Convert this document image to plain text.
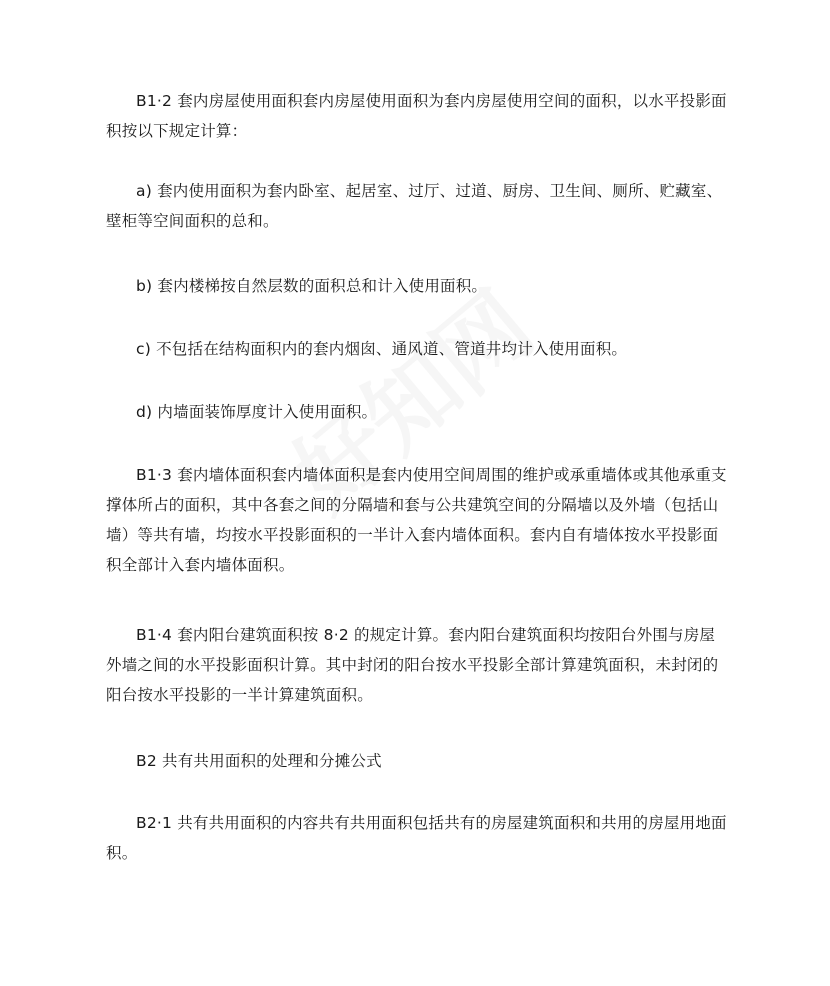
B1·2 套内房屋使用面积套内房屋使用面积为套内房屋使用空间的面积，以水平投影面积按以下规定计算：

a) 套内使用面积为套内卧室、起居室、过厅、过道、厨房、卫生间、厕所、贮藏室、壁柜等空间面积的总和。

b) 套内楼梯按自然层数的面积总和计入使用面积。

c) 不包括在结构面积内的套内烟囱、通风道、管道井均计入使用面积。

d) 内墙面装饰厚度计入使用面积。

B1·3 套内墙体面积套内墙体面积是套内使用空间周围的维护或承重墙体或其他承重支撑体所占的面积，其中各套之间的分隔墙和套与公共建筑空间的分隔墙以及外墙（包括山墙）等共有墙，均按水平投影面积的一半计入套内墙体面积。套内自有墙体按水平投影面积全部计入套内墙体面积。

B1·4 套内阳台建筑面积按 8·2 的规定计算。套内阳台建筑面积均按阳台外围与房屋外墙之间的水平投影面积计算。其中封闭的阳台按水平投影全部计算建筑面积，未封闭的阳台按水平投影的一半计算建筑面积。

B2 共有共用面积的处理和分摊公式

B2·1 共有共用面积的内容共有共用面积包括共有的房屋建筑面积和共用的房屋用地面积。
